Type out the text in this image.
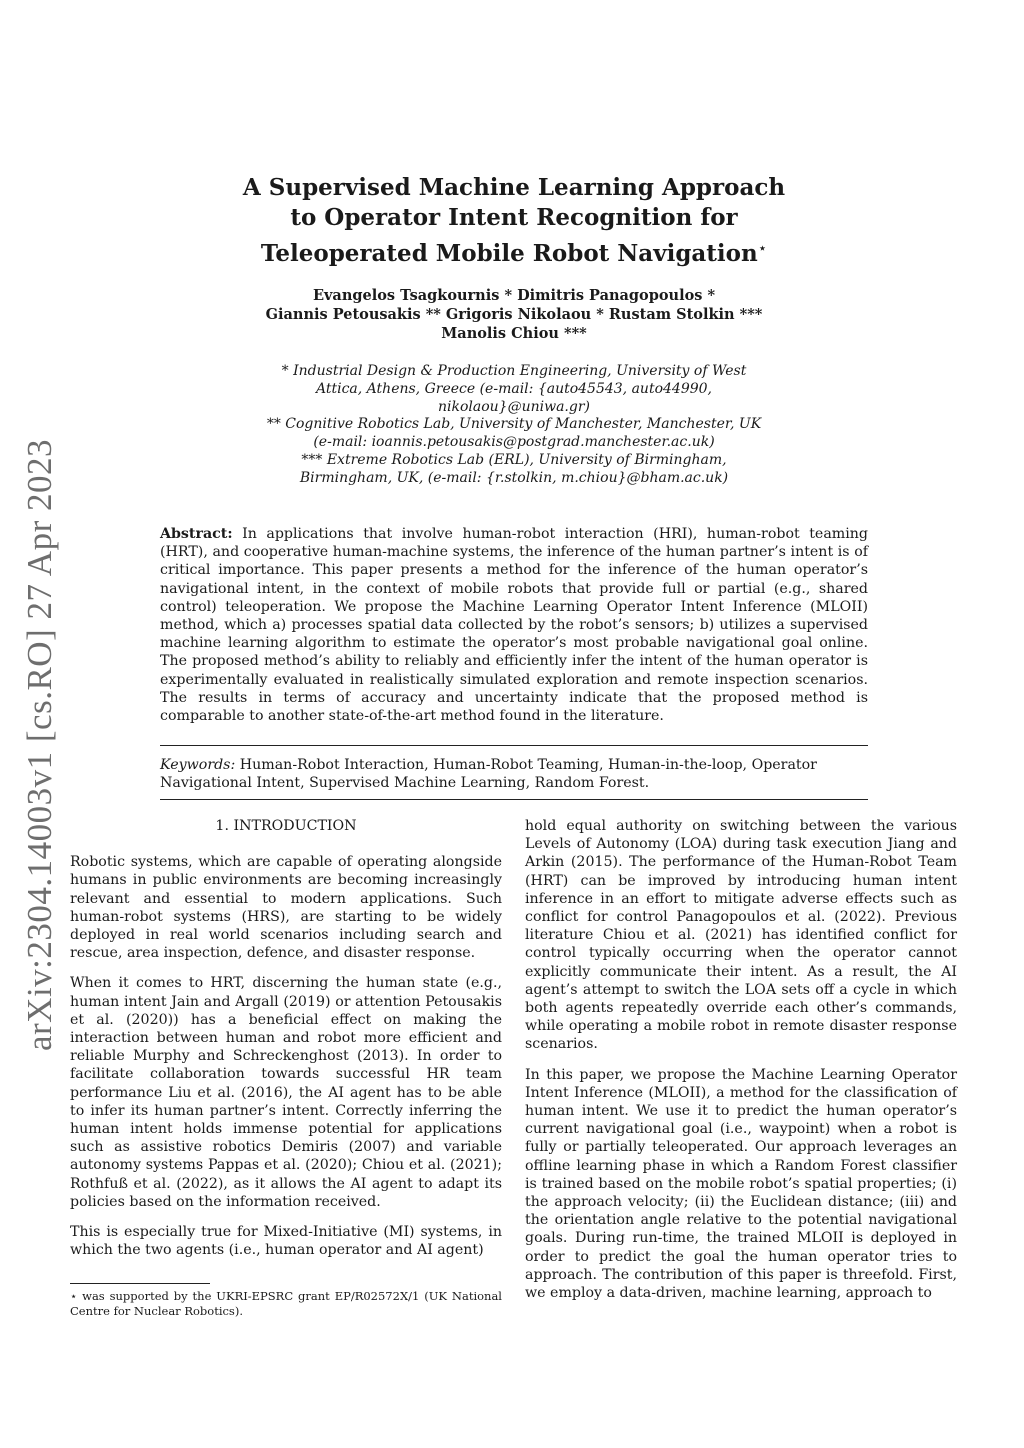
arXiv:2304.14003v1 [cs.RO] 27 Apr 2023
A Supervised Machine Learning Approach
to Operator Intent Recognition for
Teleoperated Mobile Robot Navigation⋆
Evangelos Tsagkournis * Dimitris Panagopoulos *
Giannis Petousakis ** Grigoris Nikolaou * Rustam Stolkin ***
Manolis Chiou ***
* Industrial Design & Production Engineering, University of West
Attica, Athens, Greece (e-mail: {auto45543, auto44990,
nikolaou}@uniwa.gr)
** Cognitive Robotics Lab, University of Manchester, Manchester, UK
(e-mail: ioannis.petousakis@postgrad.manchester.ac.uk)
*** Extreme Robotics Lab (ERL), University of Birmingham,
Birmingham, UK, (e-mail: {r.stolkin, m.chiou}@bham.ac.uk)
Abstract: In applications that involve human-robot interaction (HRI), human-robot teaming (HRT), and cooperative human-machine systems, the inference of the human partner’s intent is of critical importance. This paper presents a method for the inference of the human operator’s navigational intent, in the context of mobile robots that provide full or partial (e.g., shared control) teleoperation. We propose the Machine Learning Operator Intent Inference (MLOII) method, which a) processes spatial data collected by the robot’s sensors; b) utilizes a supervised machine learning algorithm to estimate the operator’s most probable navigational goal online. The proposed method’s ability to reliably and efficiently infer the intent of the human operator is experimentally evaluated in realistically simulated exploration and remote inspection scenarios. The results in terms of accuracy and uncertainty indicate that the proposed method is comparable to another state-of-the-art method found in the literature.
Keywords: Human-Robot Interaction, Human-Robot Teaming, Human-in-the-loop, Operator Navigational Intent, Supervised Machine Learning, Random Forest.
1. INTRODUCTION

Robotic systems, which are capable of operating alongside humans in public environments are becoming increasingly relevant and essential to modern applications. Such human-robot systems (HRS), are starting to be widely deployed in real world scenarios including search and rescue, area inspection, defence, and disaster response.

When it comes to HRT, discerning the human state (e.g., human intent Jain and Argall (2019) or attention Petousakis et al. (2020)) has a beneficial effect on making the interaction between human and robot more efficient and reliable Murphy and Schreckenghost (2013). In order to facilitate collaboration towards successful HR team performance Liu et al. (2016), the AI agent has to be able to infer its human partner’s intent. Correctly inferring the human intent holds immense potential for applications such as assistive robotics Demiris (2007) and variable autonomy systems Pappas et al. (2020); Chiou et al. (2021); Rothfuß et al. (2022), as it allows the AI agent to adapt its policies based on the information received.

This is especially true for Mixed-Initiative (MI) systems, in which the two agents (i.e., human operator and AI agent)

hold equal authority on switching between the various Levels of Autonomy (LOA) during task execution Jiang and Arkin (2015). The performance of the Human-Robot Team (HRT) can be improved by introducing human intent inference in an effort to mitigate adverse effects such as conflict for control Panagopoulos et al. (2022). Previous literature Chiou et al. (2021) has identified conflict for control typically occurring when the operator cannot explicitly communicate their intent. As a result, the AI agent’s attempt to switch the LOA sets off a cycle in which both agents repeatedly override each other’s commands, while operating a mobile robot in remote disaster response scenarios.

In this paper, we propose the Machine Learning Operator Intent Inference (MLOII), a method for the classification of human intent. We use it to predict the human operator’s current navigational goal (i.e., waypoint) when a robot is fully or partially teleoperated. Our approach leverages an offline learning phase in which a Random Forest classifier is trained based on the mobile robot’s spatial properties; (i) the approach velocity; (ii) the Euclidean distance; (iii) and the orientation angle relative to the potential navigational goals. During run-time, the trained MLOII is deployed in order to predict the goal the human operator tries to approach. The contribution of this paper is threefold. First, we employ a data-driven, machine learning, approach to

⋆ was supported by the UKRI-EPSRC grant EP/R02572X/1 (UK National Centre for Nuclear Robotics).
